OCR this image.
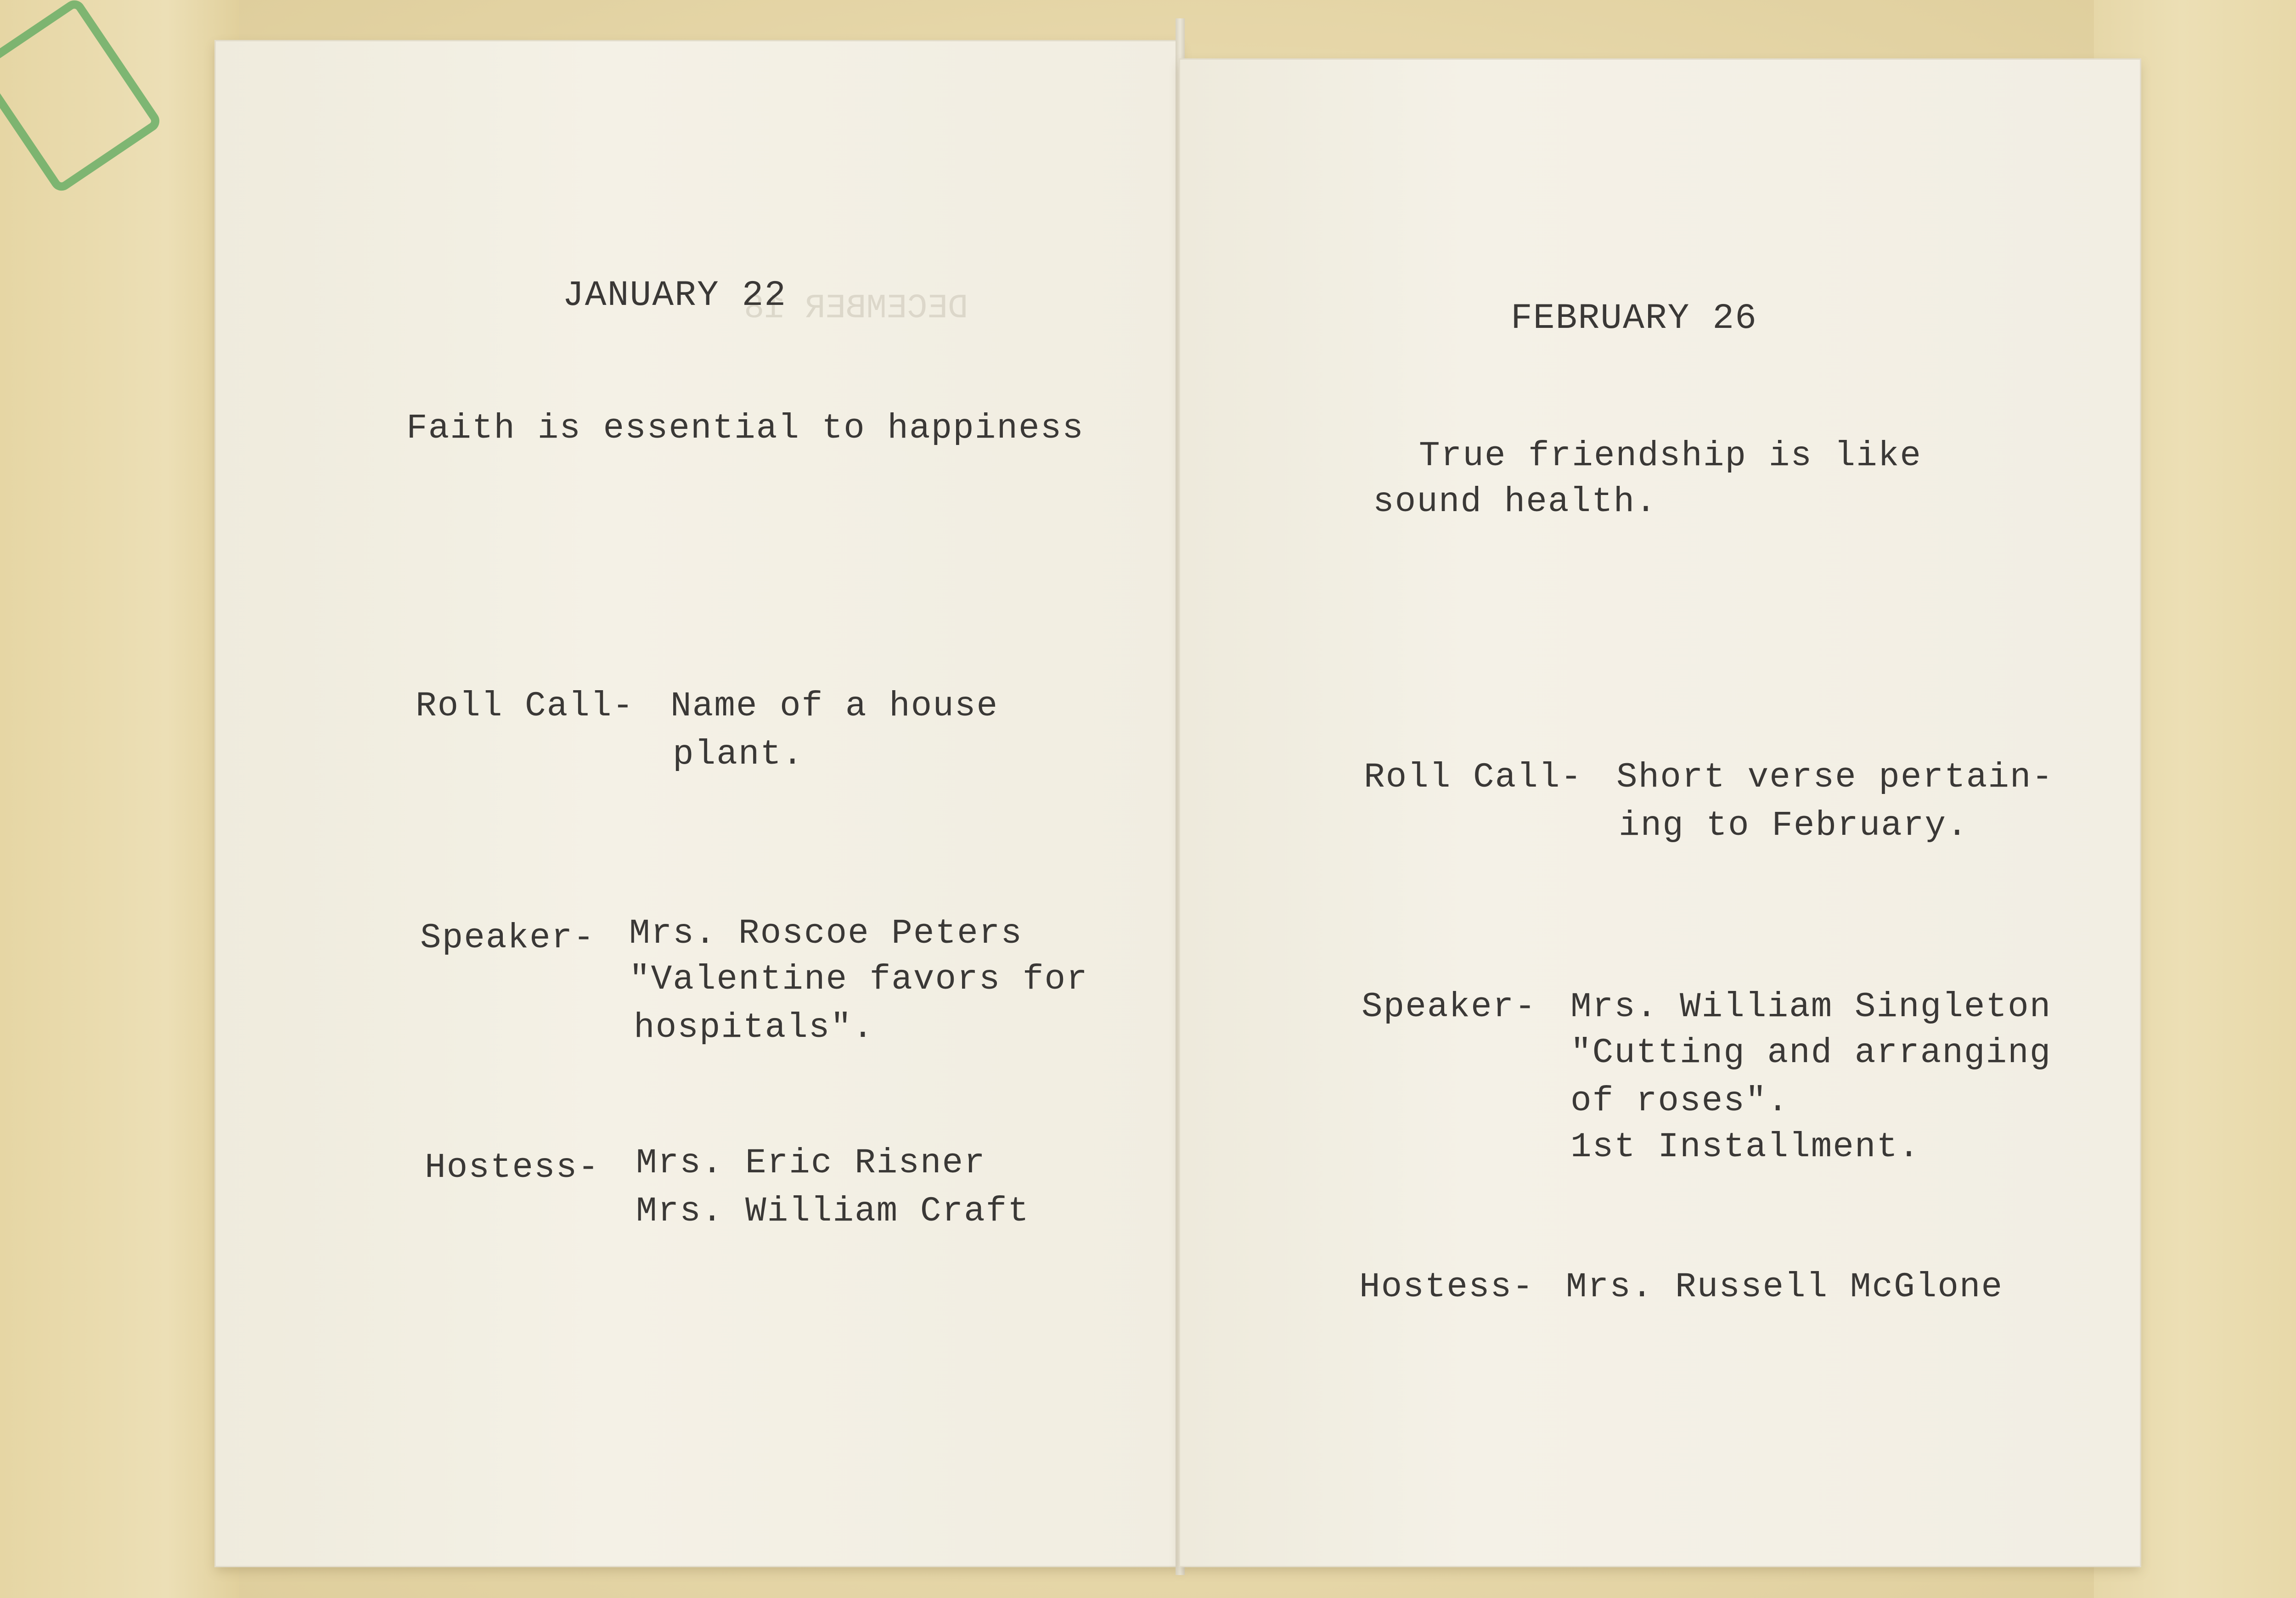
DECEMBER 18
JANUARY 22
Faith is essential to happiness
Roll Call- Name of a house
plant.
Speaker- Mrs. Roscoe Peters
"Valentine favors for
hospitals".
Hostess- Mrs. Eric Risner
Mrs. William Craft
FEBRUARY 26
True friendship is like
sound health.
Roll Call- Short verse pertain-
ing to February.
Speaker- Mrs. William Singleton
"Cutting and arranging
of roses".
1st Installment.
Hostess- Mrs. Russell McGlone
